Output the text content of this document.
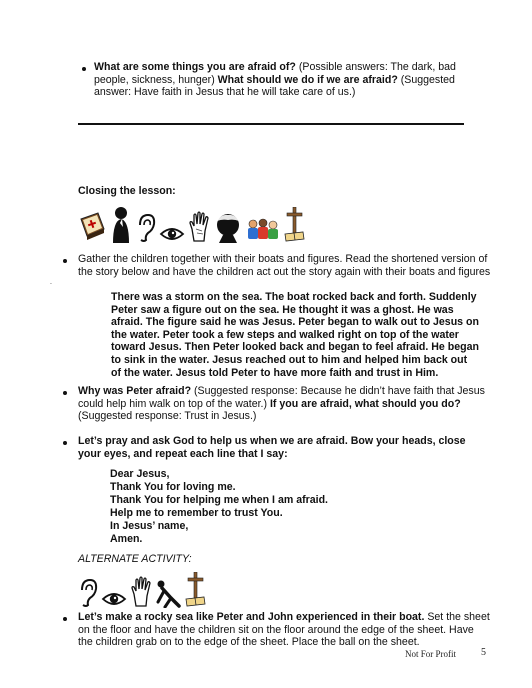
What are some things you are afraid of? (Possible answers: The dark, bad people, sickness, hunger) What should we do if we are afraid? (Suggested answer: Have faith in Jesus that he will take care of us.)
Closing the lesson:
Gather the children together with their boats and figures. Read the shortened version of the story below and have the children act out the story again with their boats and figures
.
There was a storm on the sea. The boat rocked back and forth. Suddenly Peter saw a figure out on the sea. He thought it was a ghost. He was afraid. The figure said he was Jesus. Peter began to walk out to Jesus on the water. Peter took a few steps and walked right on top of the water toward Jesus. Then Peter looked back and began to feel afraid. He began to sink in the water. Jesus reached out to him and helped him back out of the water. Jesus told Peter to have more faith and trust in Him.
Why was Peter afraid? (Suggested response: Because he didn’t have faith that Jesus could help him walk on top of the water.) If you are afraid, what should you do? (Suggested response: Trust in Jesus.)
Let’s pray and ask God to help us when we are afraid. Bow your heads, close your eyes, and repeat each line that I say:

Dear Jesus,

Thank You for loving me.

Thank You for helping me when I am afraid.

Help me to remember to trust You.

In Jesus’ name,

Amen.

ALTERNATE ACTIVITY:
Let’s make a rocky sea like Peter and John experienced in their boat. Set the sheet on the floor and have the children sit on the floor around the edge of the sheet. Have the children grab on to the edge of the sheet. Place the ball on the sheet.
Not For Profit 5
